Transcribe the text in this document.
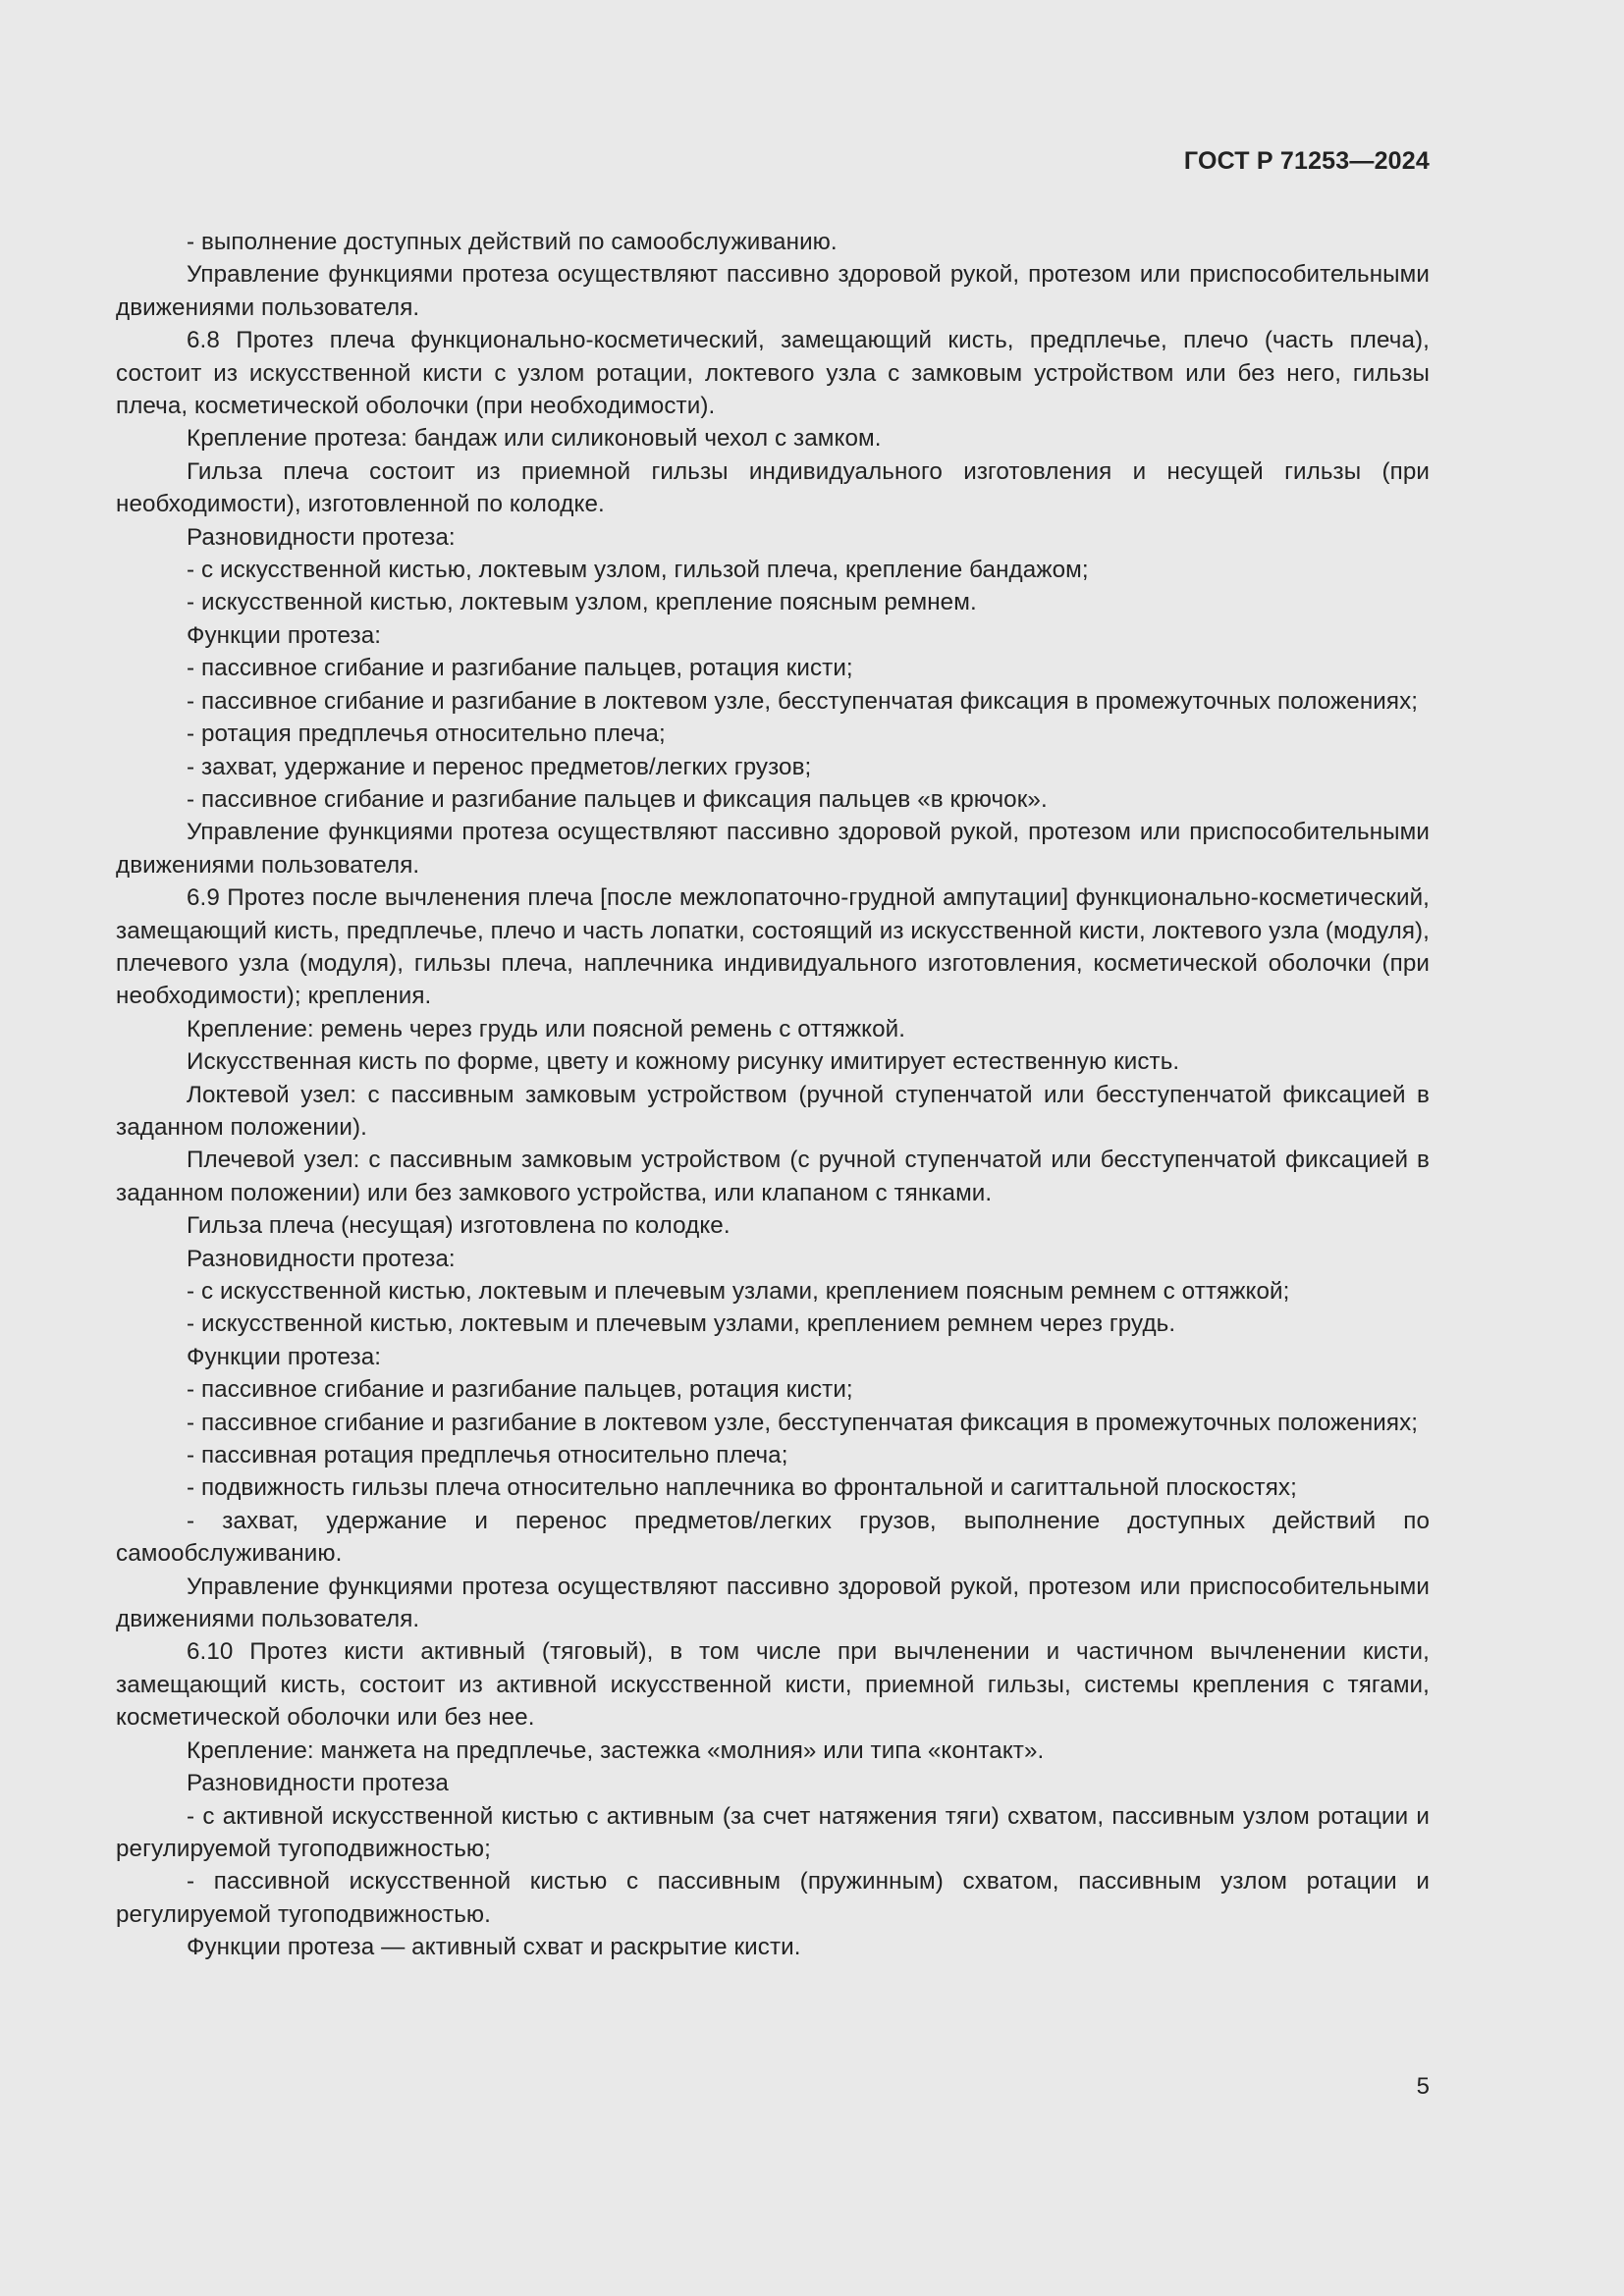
ГОСТ Р 71253—2024

- выполнение доступных действий по самообслуживанию.

Управление функциями протеза осуществляют пассивно здоровой рукой, протезом или приспособительными движениями пользователя.

6.8 Протез плеча функционально-косметический, замещающий кисть, предплечье, плечо (часть плеча), состоит из искусственной кисти с узлом ротации, локтевого узла с замковым устройством или без него, гильзы плеча, косметической оболочки (при необходимости).

Крепление протеза: бандаж или силиконовый чехол с замком.

Гильза плеча состоит из приемной гильзы индивидуального изготовления и несущей гильзы (при необходимости), изготовленной по колодке.

Разновидности протеза:

- с искусственной кистью, локтевым узлом, гильзой плеча, крепление бандажом;

- искусственной кистью, локтевым узлом, крепление поясным ремнем.

Функции протеза:

- пассивное сгибание и разгибание пальцев, ротация кисти;

- пассивное сгибание и разгибание в локтевом узле, бесступенчатая фиксация в промежуточных положениях;

- ротация предплечья относительно плеча;

- захват, удержание и перенос предметов/легких грузов;

- пассивное сгибание и разгибание пальцев и фиксация пальцев «в крючок».

Управление функциями протеза осуществляют пассивно здоровой рукой, протезом или приспособительными движениями пользователя.

6.9 Протез после вычленения плеча [после межлопаточно-грудной ампутации] функционально-косметический, замещающий кисть, предплечье, плечо и часть лопатки, состоящий из искусственной кисти, локтевого узла (модуля), плечевого узла (модуля), гильзы плеча, наплечника индивидуального изготовления, косметической оболочки (при необходимости); крепления.

Крепление: ремень через грудь или поясной ремень с оттяжкой.

Искусственная кисть по форме, цвету и кожному рисунку имитирует естественную кисть.

Локтевой узел: с пассивным замковым устройством (ручной ступенчатой или бесступенчатой фиксацией в заданном положении).

Плечевой узел: с пассивным замковым устройством (с ручной ступенчатой или бесступенчатой фиксацией в заданном положении) или без замкового устройства, или клапаном с тянками.

Гильза плеча (несущая) изготовлена по колодке.

Разновидности протеза:

- с искусственной кистью, локтевым и плечевым узлами, креплением поясным ремнем с оттяжкой;

- искусственной кистью, локтевым и плечевым узлами, креплением ремнем через грудь.

Функции протеза:

- пассивное сгибание и разгибание пальцев, ротация кисти;

- пассивное сгибание и разгибание в локтевом узле, бесступенчатая фиксация в промежуточных положениях;

- пассивная ротация предплечья относительно плеча;

- подвижность гильзы плеча относительно наплечника во фронтальной и сагиттальной плоскостях;

- захват, удержание и перенос предметов/легких грузов, выполнение доступных действий по самообслуживанию.

Управление функциями протеза осуществляют пассивно здоровой рукой, протезом или приспособительными движениями пользователя.

6.10 Протез кисти активный (тяговый), в том числе при вычленении и частичном вычленении кисти, замещающий кисть, состоит из активной искусственной кисти, приемной гильзы, системы крепления с тягами, косметической оболочки или без нее.

Крепление: манжета на предплечье, застежка «молния» или типа «контакт».

Разновидности протеза

- с активной искусственной кистью с активным (за счет натяжения тяги) схватом, пассивным узлом ротации и регулируемой тугоподвижностью;

- пассивной искусственной кистью с пассивным (пружинным) схватом, пассивным узлом ротации и регулируемой тугоподвижностью.

Функции протеза — активный схват и раскрытие кисти.

5
